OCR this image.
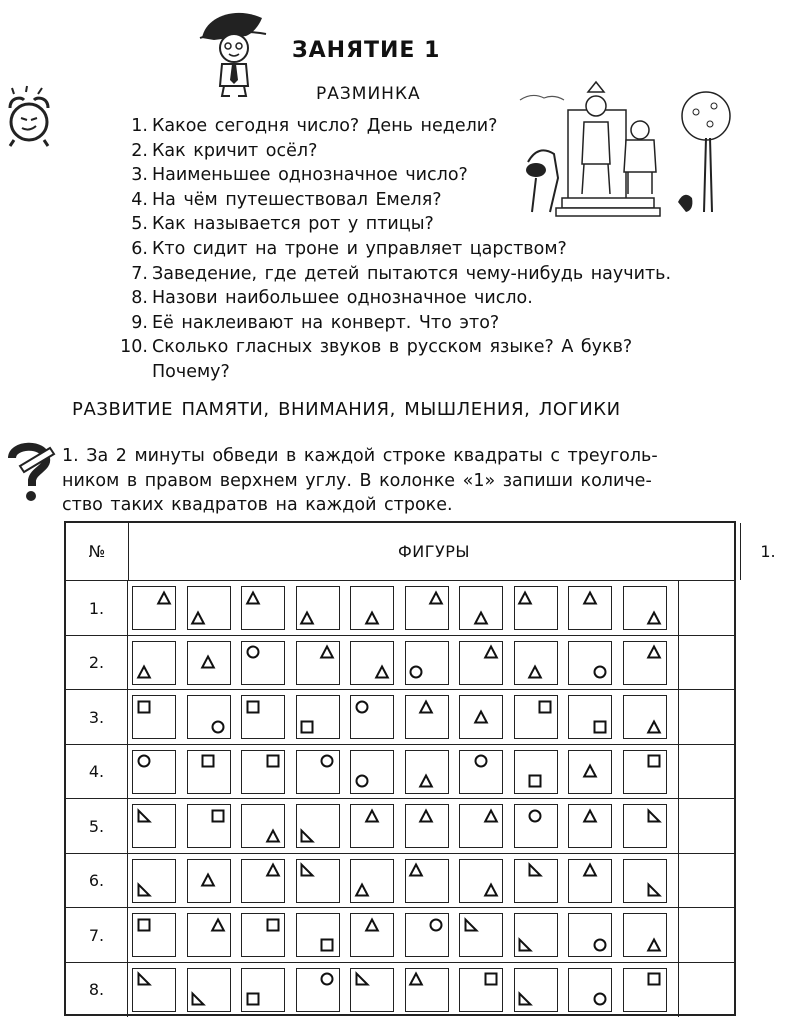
ЗАНЯТИЕ 1
РАЗМИНКА
1. Какое сегодня число? День недели?
2. Как кричит осёл?
3. Наименьшее однозначное число?
4. На чём путешествовал Емеля?
5. Как называется рот у птицы?
6. Кто сидит на троне и управляет царством?
7. Заведение, где детей пытаются чему-нибудь научить.
8. Назови наибольшее однозначное число.
9. Её наклеивают на конверт. Что это?
10. Сколько гласных звуков в русском языке? А букв? Почему?
РАЗВИТИЕ ПАМЯТИ, ВНИМАНИЯ, МЫШЛЕНИЯ, ЛОГИКИ
1. За 2 минуты обведи в каждой строке квадраты с треуголь-
ником в правом верхнем углу. В колонке «1» запиши количе-
ство таких квадратов на каждой строке.
№	ФИГУРЫ	1.
1.
2.
3.
4.
5.
6.
7.
8.
